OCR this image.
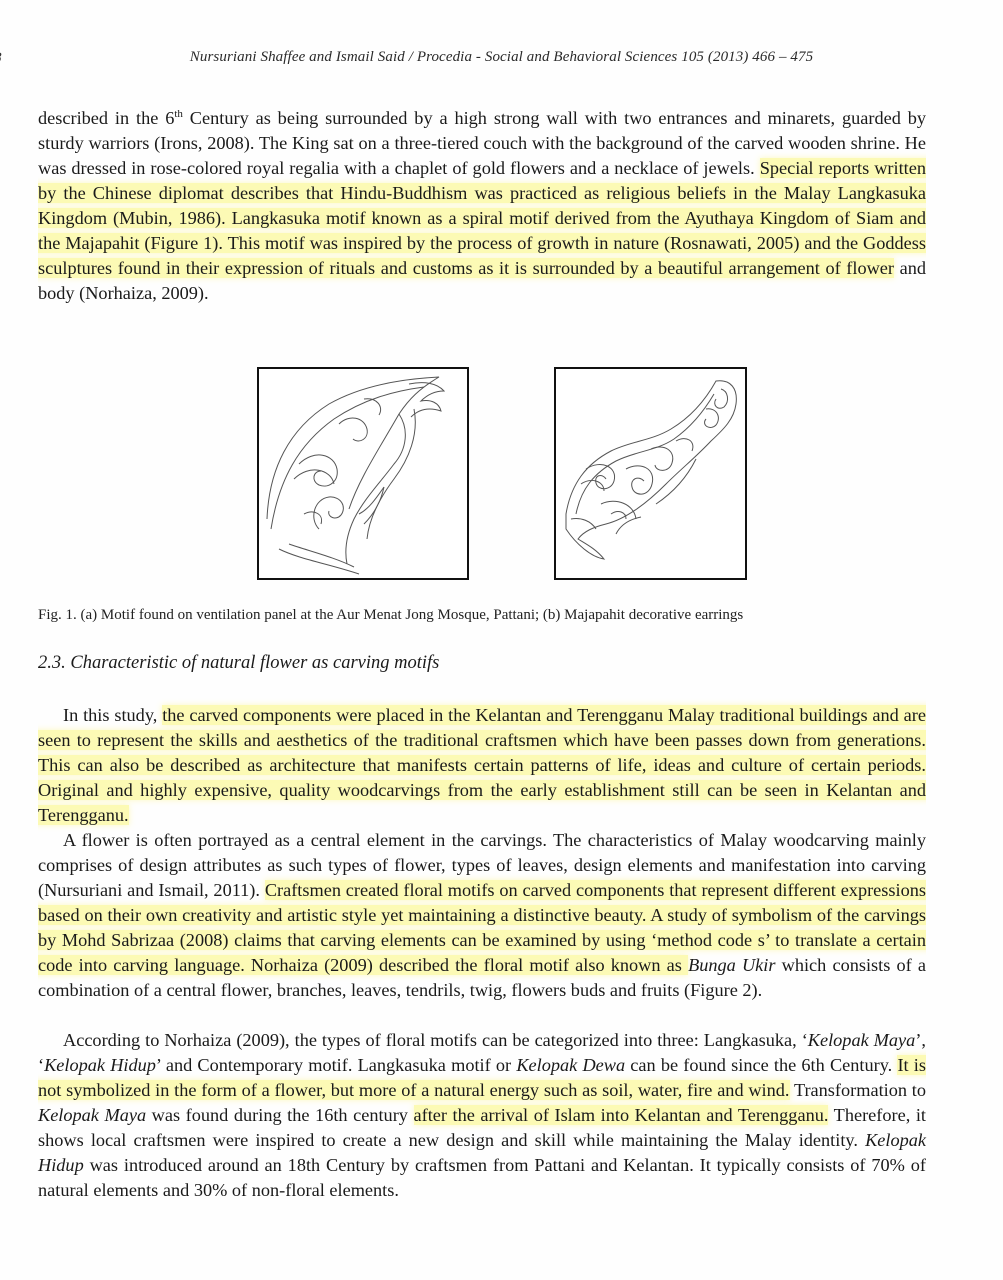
Nursuriani Shaffee and Ismail Said / Procedia - Social and Behavioral Sciences 105 (2013) 466 – 475

described in the 6th Century as being surrounded by a high strong wall with two entrances and minarets, guarded by sturdy warriors (Irons, 2008). The King sat on a three-tiered couch with the background of the carved wooden shrine. He was dressed in rose-colored royal regalia with a chaplet of gold flowers and a necklace of jewels. Special reports written by the Chinese diplomat describes that Hindu-Buddhism was practiced as religious beliefs in the Malay Langkasuka Kingdom (Mubin, 1986). Langkasuka motif known as a spiral motif derived from the Ayuthaya Kingdom of Siam and the Majapahit (Figure 1). This motif was inspired by the process of growth in nature (Rosnawati, 2005) and the Goddess sculptures found in their expression of rituals and customs as it is surrounded by a beautiful arrangement of flower and body (Norhaiza, 2009).

Fig. 1. (a) Motif found on ventilation panel at the Aur Menat Jong Mosque, Pattani; (b) Majapahit decorative earrings
2.3. Characteristic of natural flower as carving motifs

In this study, the carved components were placed in the Kelantan and Terengganu Malay traditional buildings and are seen to represent the skills and aesthetics of the traditional craftsmen which have been passes down from generations. This can also be described as architecture that manifests certain patterns of life, ideas and culture of certain periods. Original and highly expensive, quality woodcarvings from the early establishment still can be seen in Kelantan and Terengganu.

A flower is often portrayed as a central element in the carvings. The characteristics of Malay woodcarving mainly comprises of design attributes as such types of flower, types of leaves, design elements and manifestation into carving (Nursuriani and Ismail, 2011). Craftsmen created floral motifs on carved components that represent different expressions based on their own creativity and artistic style yet maintaining a distinctive beauty. A study of symbolism of the carvings by Mohd Sabrizaa (2008) claims that carving elements can be examined by using ‘method code s’ to translate a certain code into carving language. Norhaiza (2009) described the floral motif also known as Bunga Ukir which consists of a combination of a central flower, branches, leaves, tendrils, twig, flowers buds and fruits (Figure 2).

According to Norhaiza (2009), the types of floral motifs can be categorized into three: Langkasuka, ‘Kelopak Maya’, ‘Kelopak Hidup’ and Contemporary motif. Langkasuka motif or Kelopak Dewa can be found since the 6th Century. It is not symbolized in the form of a flower, but more of a natural energy such as soil, water, fire and wind. Transformation to Kelopak Maya was found during the 16th century after the arrival of Islam into Kelantan and Terengganu. Therefore, it shows local craftsmen were inspired to create a new design and skill while maintaining the Malay identity. Kelopak Hidup was introduced around an 18th Century by craftsmen from Pattani and Kelantan. It typically consists of 70% of natural elements and 30% of non-floral elements.
